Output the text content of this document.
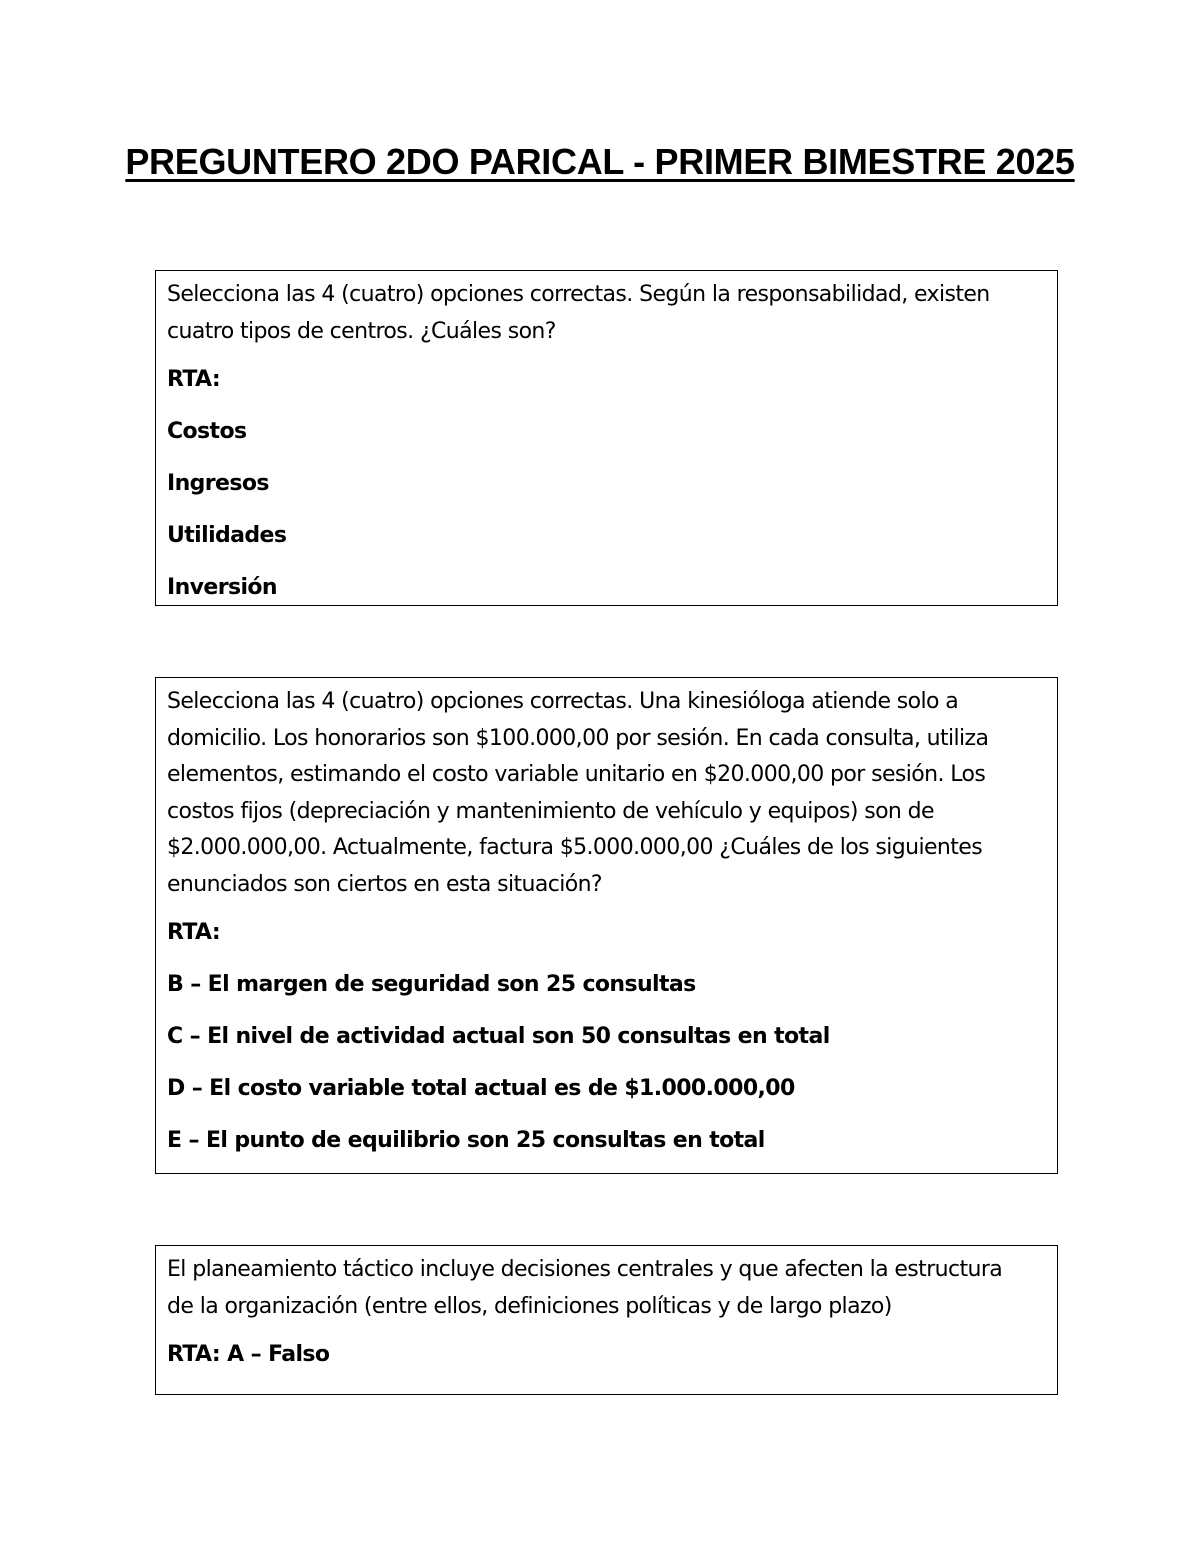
PREGUNTERO 2DO PARICAL - PRIMER BIMESTRE 2025

Selecciona las 4 (cuatro) opciones correctas. Según la responsabilidad, existen

cuatro tipos de centros. ¿Cuáles son?

RTA:

Costos

Ingresos

Utilidades

Inversión

Selecciona las 4 (cuatro) opciones correctas. Una kinesióloga atiende solo a

domicilio. Los honorarios son $100.000,00 por sesión. En cada consulta, utiliza

elementos, estimando el costo variable unitario en $20.000,00 por sesión. Los

costos fijos (depreciación y mantenimiento de vehículo y equipos) son de

$2.000.000,00. Actualmente, factura $5.000.000,00 ¿Cuáles de los siguientes

enunciados son ciertos en esta situación?

RTA:

B – El margen de seguridad son 25 consultas

C – El nivel de actividad actual son 50 consultas en total

D – El costo variable total actual es de $1.000.000,00

E – El punto de equilibrio son 25 consultas en total

El planeamiento táctico incluye decisiones centrales y que afecten la estructura

de la organización (entre ellos, definiciones políticas y de largo plazo)

RTA: A – Falso
